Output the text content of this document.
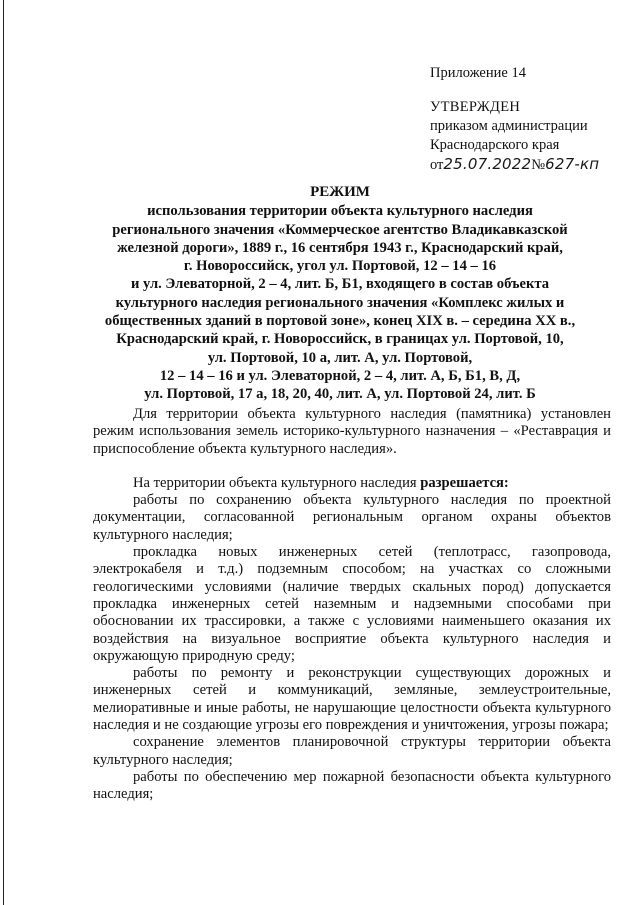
Приложение 14
УТВЕРЖДЕН
приказом администрации
Краснодарского края
от25.07.2022№627-кп
РЕЖИМ
использования территории объекта культурного наследия
регионального значения «Коммерческое агентство Владикавказской
железной дороги», 1889 г., 16 сентября 1943 г., Краснодарский край,
г. Новороссийск, угол ул. Портовой, 12 – 14 – 16
и ул. Элеваторной, 2 – 4, лит. Б, Б1, входящего в состав объекта
культурного наследия регионального значения «Комплекс жилых и
общественных зданий в портовой зоне», конец XIX в. – середина XX в.,
Краснодарский край, г. Новороссийск, в границах ул. Портовой, 10,
ул. Портовой, 10 а, лит. А, ул. Портовой,
12 – 14 – 16 и ул. Элеваторной, 2 – 4, лит. А, Б, Б1, В, Д,
ул. Портовой, 17 а, 18, 20, 40, лит. А, ул. Портовой 24, лит. Б

Для территории объекта культурного наследия (памятника) установлен режим использования земель историко-культурного назначения – «Реставрация и приспособление объекта культурного наследия».

На территории объекта культурного наследия разрешается:

работы по сохранению объекта культурного наследия по проектной документации, согласованной региональным органом охраны объектов культурного наследия;

прокладка новых инженерных сетей (теплотрасс, газопровода, электрокабеля и т.д.) подземным способом; на участках со сложными геологическими условиями (наличие твердых скальных пород) допускается прокладка инженерных сетей наземным и надземными способами при обосновании их трассировки, а также с условиями наименьшего оказания их воздействия на визуальное восприятие объекта культурного наследия и окружающую природную среду;

работы по ремонту и реконструкции существующих дорожных и инженерных сетей и коммуникаций, земляные, землеустроительные, мелиоративные и иные работы, не нарушающие целостности объекта культурного наследия и не создающие угрозы его повреждения и уничтожения, угрозы пожара;

сохранение элементов планировочной структуры территории объекта культурного наследия;

работы по обеспечению мер пожарной безопасности объекта культурного наследия;
